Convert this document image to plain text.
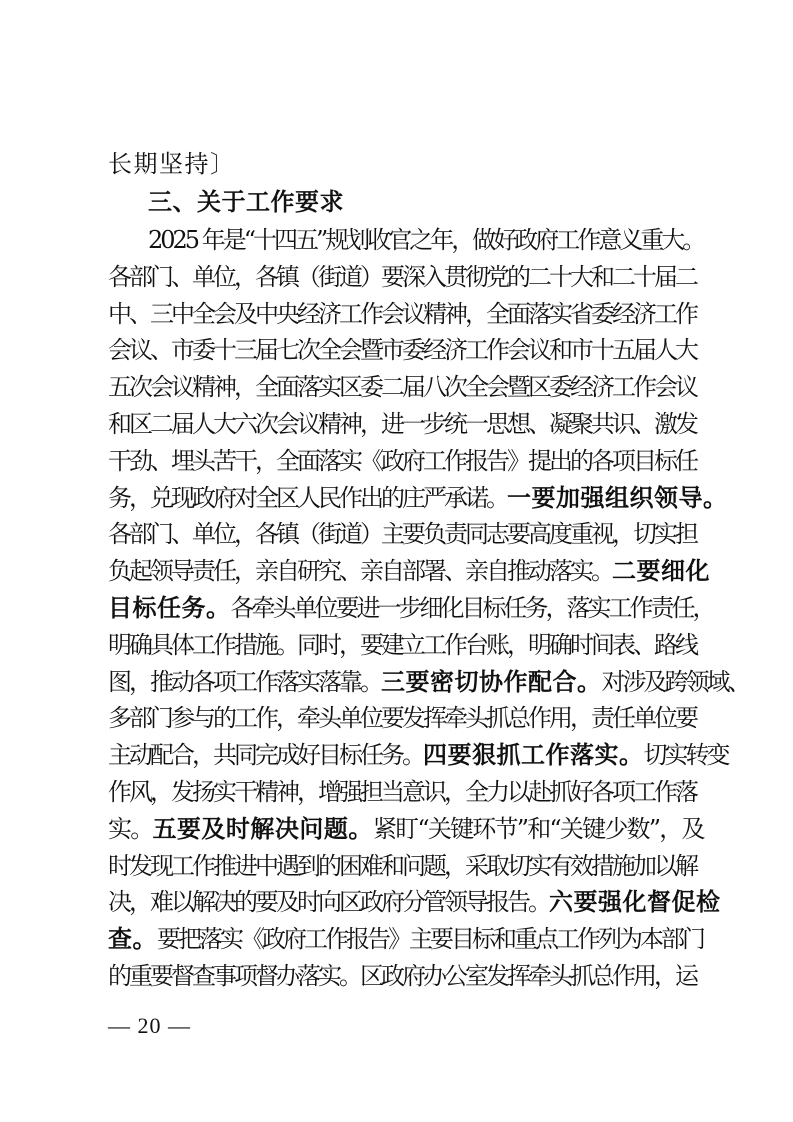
长期坚持〕
三、关于工作要求
2025 年是“十四五”规划收官之年，做好政府工作意义重大。
各部门、单位，各镇（街道）要深入贯彻党的二十大和二十届二
中、三中全会及中央经济工作会议精神，全面落实省委经济工作
会议、市委十三届七次全会暨市委经济工作会议和市十五届人大
五次会议精神，全面落实区委二届八次全会暨区委经济工作会议
和区二届人大六次会议精神，进一步统一思想、凝聚共识、激发
干劲、埋头苦干，全面落实《政府工作报告》提出的各项目标任
务，兑现政府对全区人民作出的庄严承诺。一要加强组织领导。
各部门、单位，各镇（街道）主要负责同志要高度重视，切实担
负起领导责任，亲自研究、亲自部署、亲自推动落实。二要细化
目标任务。各牵头单位要进一步细化目标任务，落实工作责任，
明确具体工作措施。同时，要建立工作台账，明确时间表、路线
图，推动各项工作落实落靠。三要密切协作配合。对涉及跨领域、
多部门参与的工作，牵头单位要发挥牵头抓总作用，责任单位要
主动配合，共同完成好目标任务。四要狠抓工作落实。切实转变
作风，发扬实干精神，增强担当意识，全力以赴抓好各项工作落
实。五要及时解决问题。紧盯“关键环节”和“关键少数”，及
时发现工作推进中遇到的困难和问题，采取切实有效措施加以解
决，难以解决的要及时向区政府分管领导报告。六要强化督促检
查。要把落实《政府工作报告》主要目标和重点工作列为本部门
的重要督查事项督办落实。区政府办公室发挥牵头抓总作用，运
— 20 —
